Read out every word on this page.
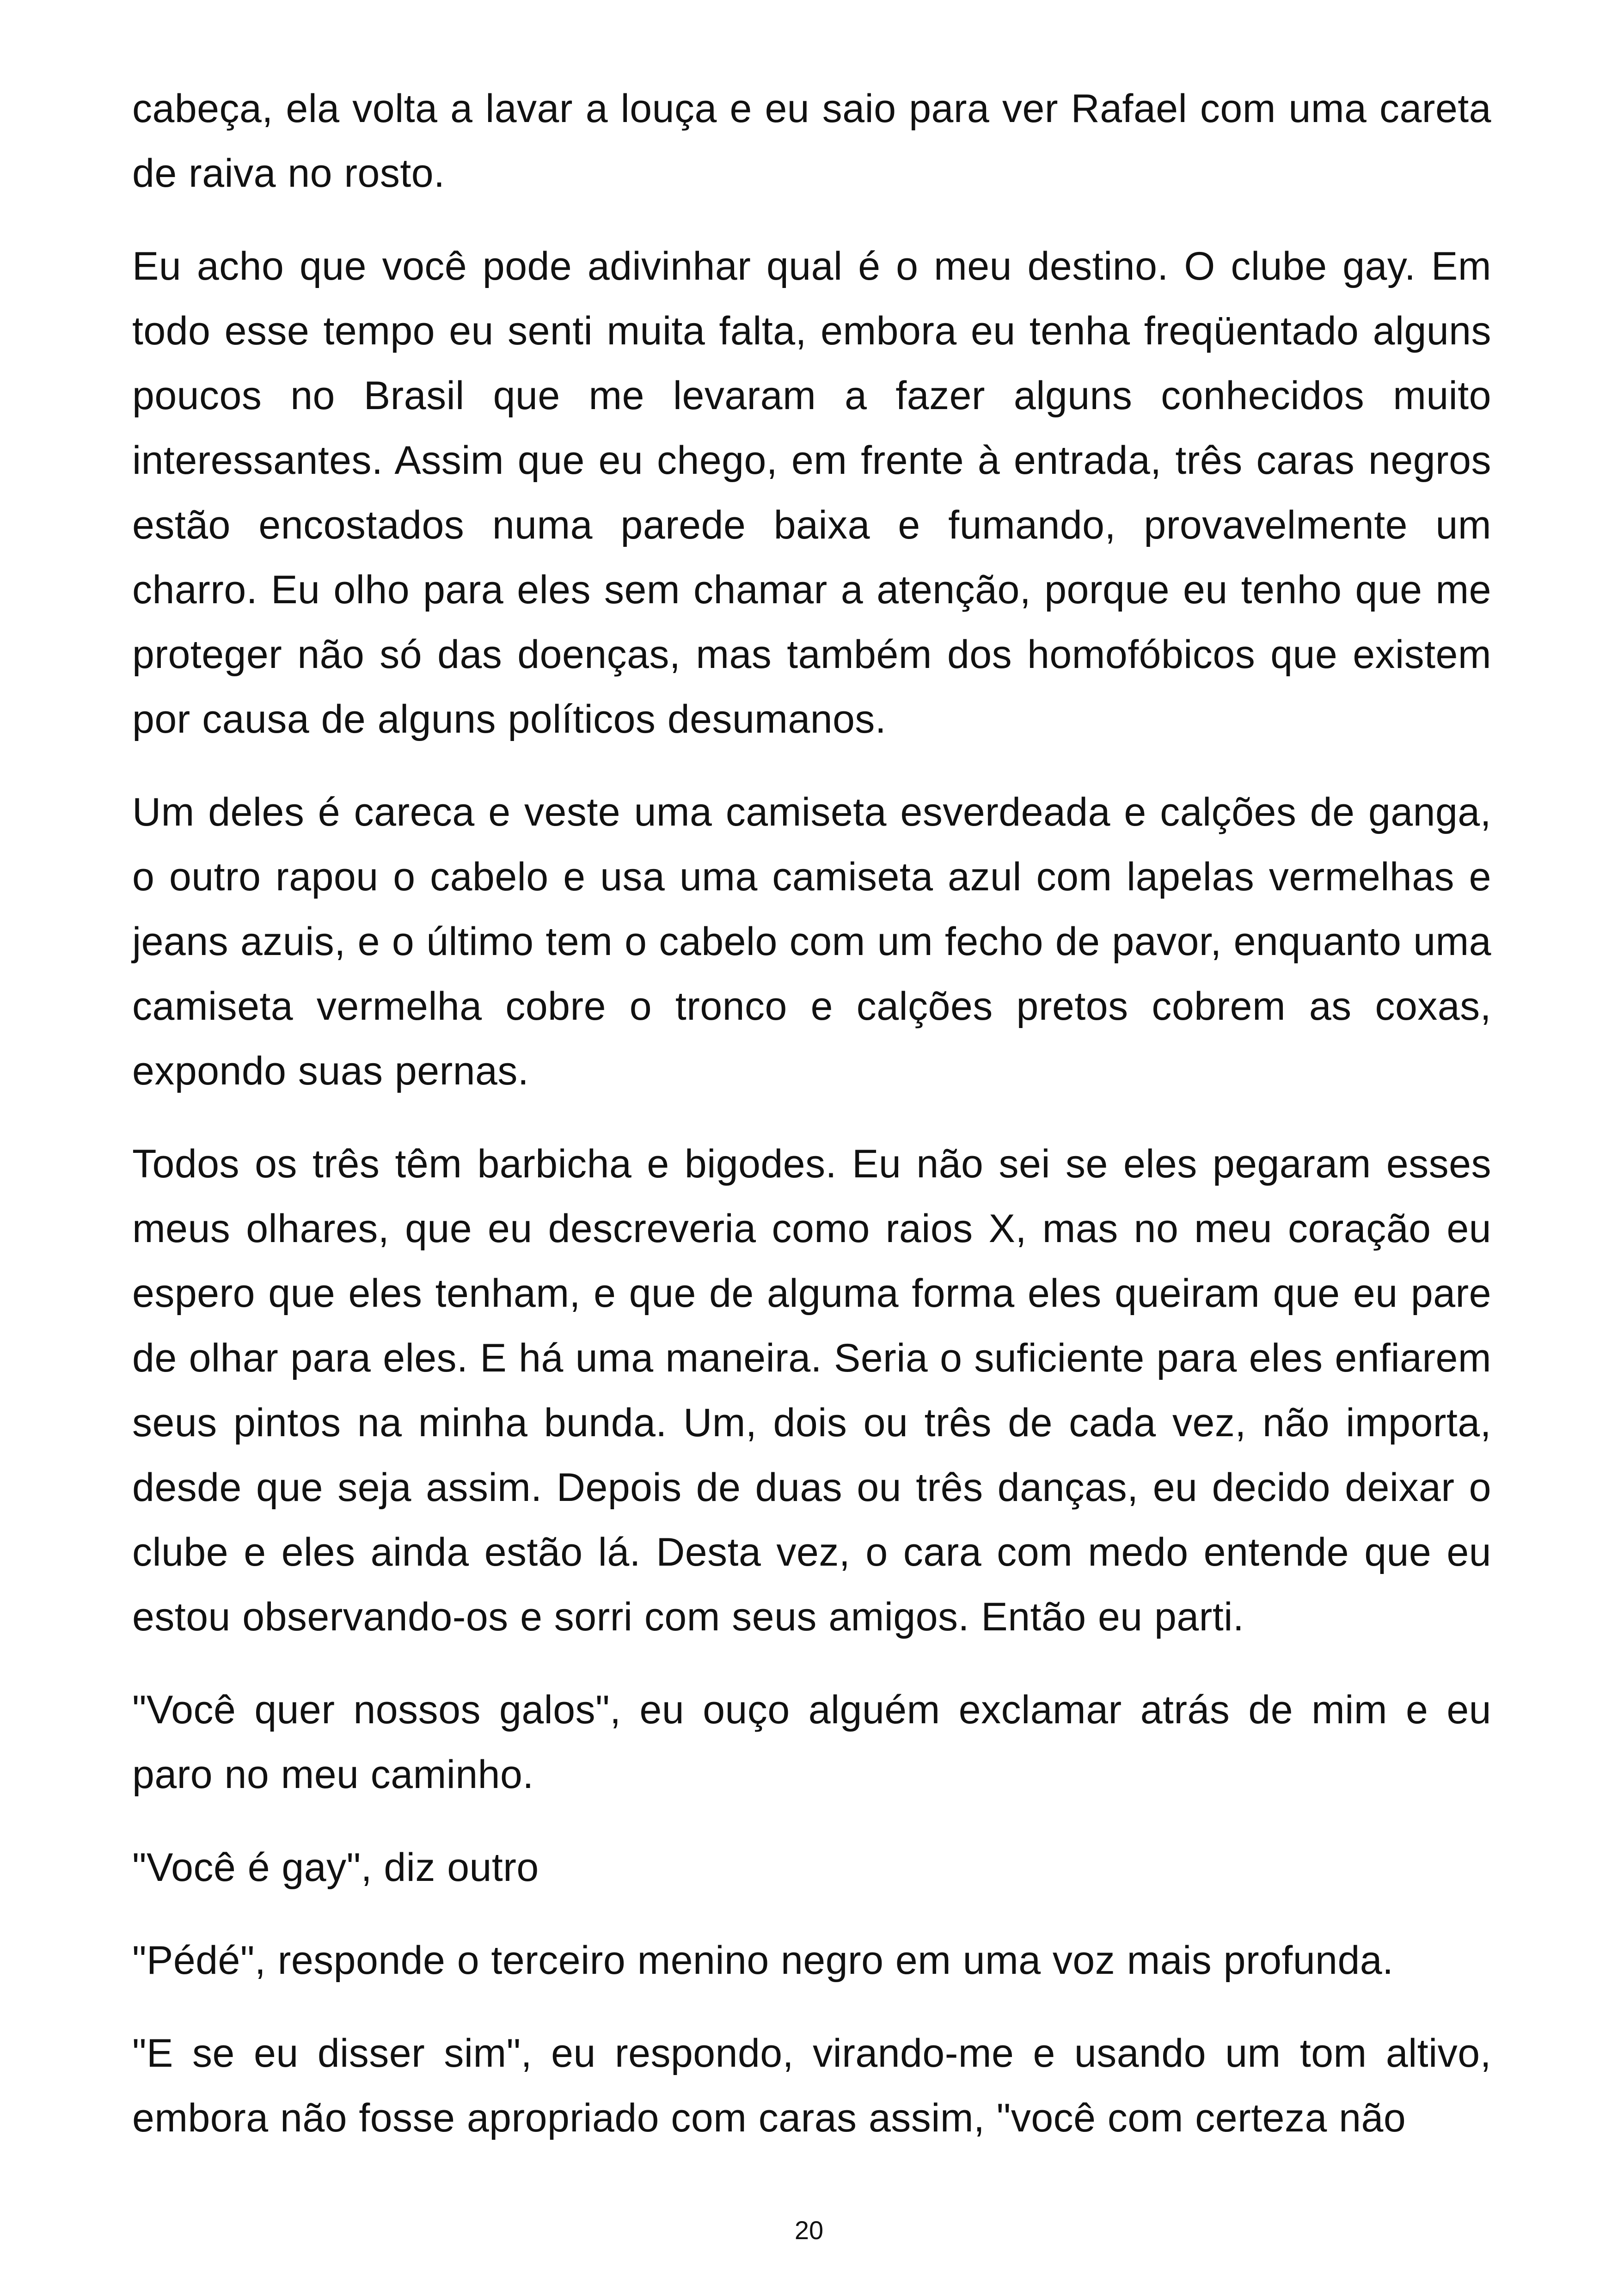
cabeça, ela volta a lavar a louça e eu saio para ver Rafael com uma careta de raiva no rosto.

Eu acho que você pode adivinhar qual é o meu destino. O clube gay. Em todo esse tempo eu senti muita falta, embora eu tenha freqüentado alguns poucos no Brasil que me levaram a fazer alguns conhecidos muito interessantes. Assim que eu chego, em frente à entrada, três caras negros estão encostados numa parede baixa e fumando, provavelmente um charro. Eu olho para eles sem chamar a atenção, porque eu tenho que me proteger não só das doenças, mas também dos homofóbicos que existem por causa de alguns políticos desumanos.

Um deles é careca e veste uma camiseta esverdeada e calções de ganga, o outro rapou o cabelo e usa uma camiseta azul com lapelas vermelhas e jeans azuis, e o último tem o cabelo com um fecho de pavor, enquanto uma camiseta vermelha cobre o tronco e calções pretos cobrem as coxas, expondo suas pernas.

Todos os três têm barbicha e bigodes. Eu não sei se eles pegaram esses meus olhares, que eu descreveria como raios X, mas no meu coração eu espero que eles tenham, e que de alguma forma eles queiram que eu pare de olhar para eles. E há uma maneira. Seria o suficiente para eles enfiarem seus pintos na minha bunda. Um, dois ou três de cada vez, não importa, desde que seja assim. Depois de duas ou três danças, eu decido deixar o clube e eles ainda estão lá. Desta vez, o cara com medo entende que eu estou observando-os e sorri com seus amigos. Então eu parti.

"Você quer nossos galos", eu ouço alguém exclamar atrás de mim e eu paro no meu caminho.

"Você é gay", diz outro

"Pédé", responde o terceiro menino negro em uma voz mais profunda.

"E se eu disser sim", eu respondo, virando-me e usando um tom altivo, embora não fosse apropriado com caras assim, "você com certeza não

20
